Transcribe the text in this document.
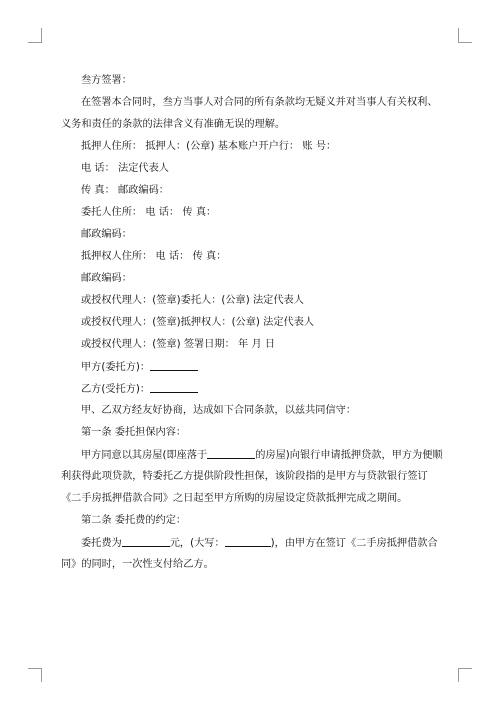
叁方签署：
在签署本合同时，叁方当事人对合同的所有条款均无疑义并对当事人有关权利、
义务和责任的条款的法律含义有准确无误的理解。
抵押人住所： 抵押人：(公章) 基本账户开户行： 账 号：
电 话： 法定代表人
传 真： 邮政编码：
委托人住所： 电 话： 传 真：
邮政编码：
抵押权人住所： 电 话： 传 真：
邮政编码：
或授权代理人：(签章)委托人：(公章) 法定代表人
或授权代理人：(签章)抵押权人：(公章) 法定代表人
或授权代理人：(签章) 签署日期： 年 月 日
甲方(委托方)：
乙方(受托方)：
甲、乙双方经友好协商，达成如下合同条款，以兹共同信守：
第一条 委托担保内容：
甲方同意以其房屋(即座落于	的房屋)向银行申请抵押贷款，甲方为便顺
利获得此项贷款，特委托乙方提供阶段性担保，该阶段指的是甲方与贷款银行签订
《二手房抵押借款合同》之日起至甲方所购的房屋设定贷款抵押完成之期间。
第二条 委托费的约定：
委托费为	元，(大写：	)，由甲方在签订《二手房抵押借款合
同》的同时，一次性支付给乙方。
